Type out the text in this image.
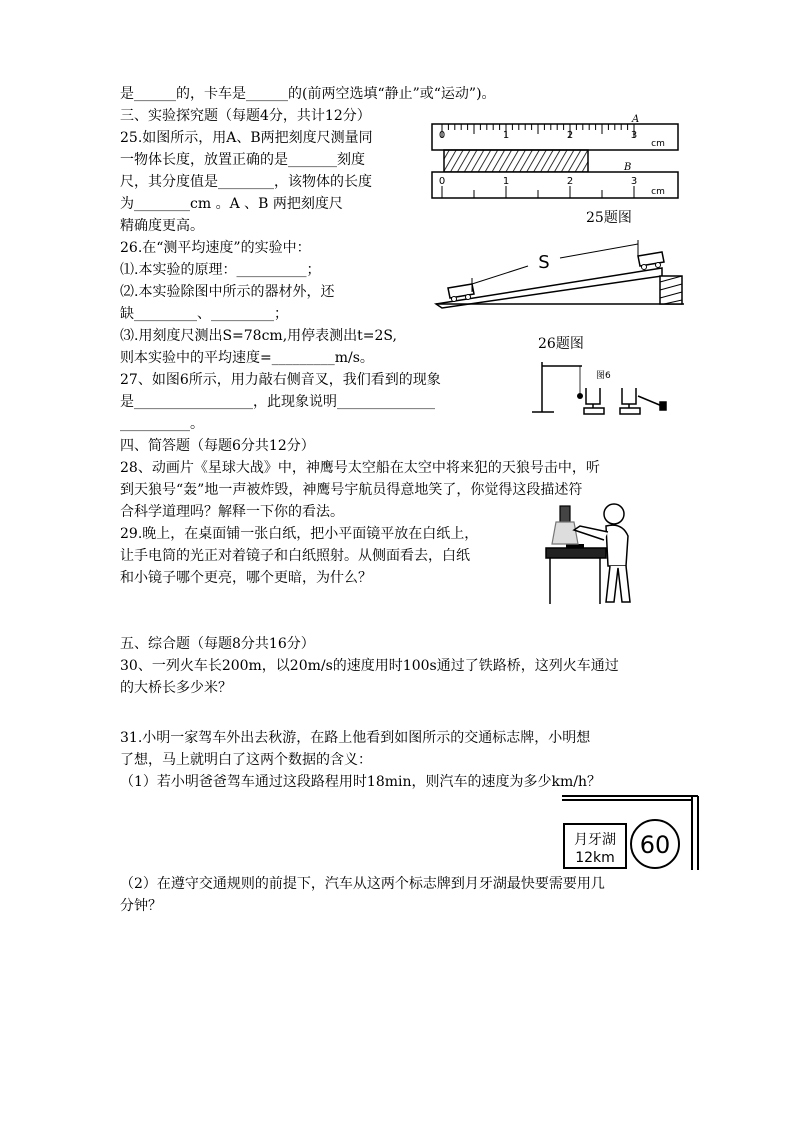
是______的，卡车是______的(前两空选填“静止”或“运动”)。
三、实验探究题（每题4分，共计12分）
25.如图所示，用A、B两把刻度尺测量同
一物体长度，放置正确的是_______刻度
尺，其分度值是________，该物体的长度
为________cm 。A 、B 两把刻度尺
精确度更高。
26.在“测平均速度”的实验中：
⑴.本实验的原理：__________；
⑵.本实验除图中所示的器材外，还
缺_________、_________；
⑶.用刻度尺测出S=78cm,用停表测出t=2S,
则本实验中的平均速度=_________m/s。
27、如图6所示，用力敲右侧音叉，我们看到的现象
是_________________，此现象说明______________
__________。
四、简答题（每题6分共12分）
28、动画片《星球大战》中，神鹰号太空船在太空中将来犯的天狼号击中，听
到天狼号“轰”地一声被炸毁，神鹰号宇航员得意地笑了，你觉得这段描述符
合科学道理吗？解释一下你的看法。
29.晚上，在桌面铺一张白纸，把小平面镜平放在白纸上，
让手电筒的光正对着镜子和白纸照射。从侧面看去，白纸
和小镜子哪个更亮，哪个更暗，为什么？
五、综合题（每题8分共16分）
30、一列火车长200m，以20m/s的速度用时100s通过了铁路桥，这列火车通过
的大桥长多少米？
31.小明一家驾车外出去秋游，在路上他看到如图所示的交通标志牌，小明想
了想，马上就明白了这两个数据的含义：
（1）若小明爸爸驾车通过这段路程用时18min，则汽车的速度为多少km/h？
（2）在遵守交通规则的前提下，汽车从这两个标志牌到月牙湖最快要需要用几
分钟？
0	1	2	3
cm
A
0	1	2	3
cm
B
25题图
S
26题图
图6
月牙湖
12km 60
